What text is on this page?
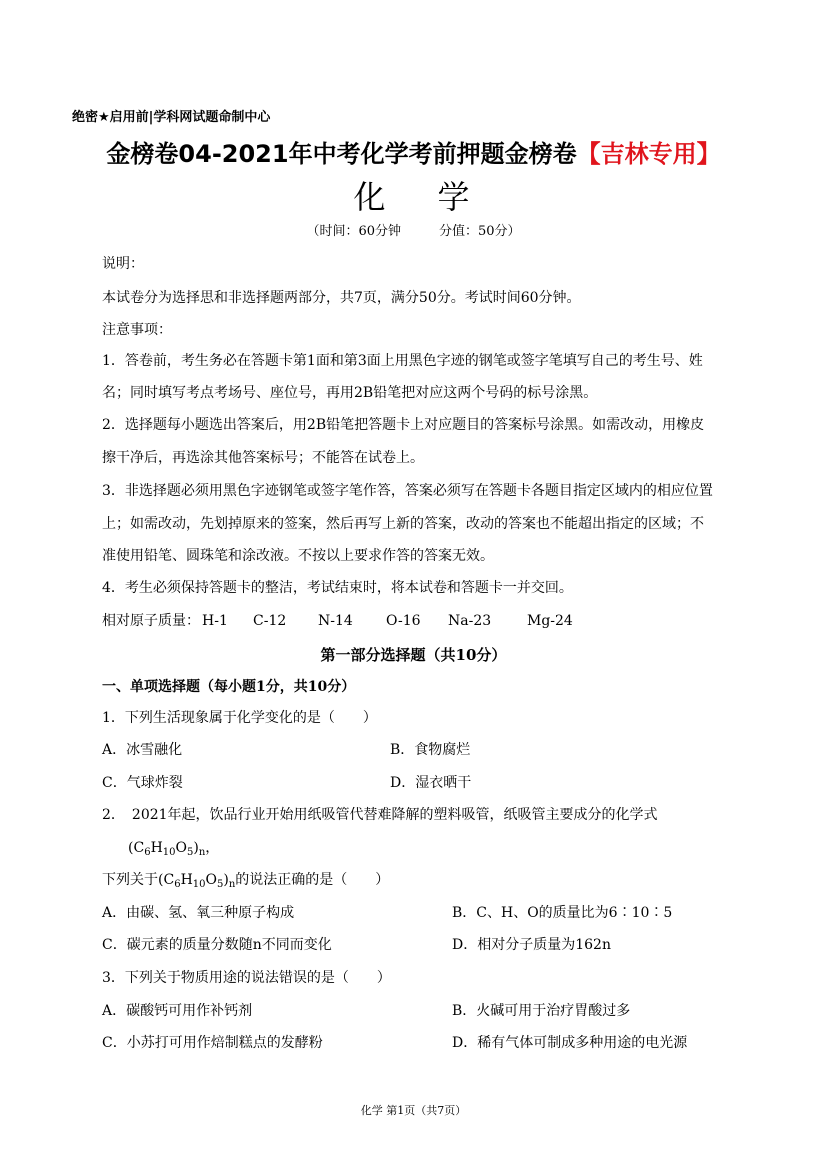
绝密★启用前|学科网试题命制中心
金榜卷04-2021年中考化学考前押题金榜卷【吉林专用】
化 学
（时间：60分钟	分值：50分）
说明：
本试卷分为选择思和非选择题两部分，共7页，满分50分。考试时间60分钟。
注意事项：
1．答卷前，考生务必在答题卡第1面和第3面上用黑色字迹的钢笔或签字笔填写自己的考生号、姓
名；同时填写考点考场号、座位号，再用2B铅笔把对应这两个号码的标号涂黑。
2．选择题每小题选出答案后，用2B铅笔把答题卡上对应题目的答案标号涂黑。如需改动，用橡皮
擦干净后，再选涂其他答案标号；不能答在试卷上。
3．非选择题必须用黑色字迹钢笔或签字笔作答，答案必须写在答题卡各题目指定区域内的相应位置
上；如需改动，先划掉原来的签案，然后再写上新的答案，改动的答案也不能超出指定的区域；不
准使用铅笔、圆珠笔和涂改液。不按以上要求作答的答案无效。
4．考生必须保持答题卡的整洁，考试结束时，将本试卷和答题卡一并交回。
相对原子质量： H-1 C-12 N-14 O-16 Na-23	Mg-24
第一部分选择题（共10分）
一、单项选择题（每小题1分，共10分）
1．下列生活现象属于化学变化的是（　　）
A．冰雪融化	B．食物腐烂
C．气球炸裂	D．湿衣晒干
2．　2021年起，饮品行业开始用纸吸管代替难降解的塑料吸管，纸吸管主要成分的化学式
$(C_6H_{10}O_5)_n$，
下列关于$(C_6H_{10}O_5)_n$的说法正确的是（　　）
A．由碳、氢、氧三种原子构成	B．C、H、O的质量比为6∶10∶5
C．碳元素的质量分数随n不同而变化	D．相对分子质量为162n
3．下列关于物质用途的说法错误的是（　　）
A．碳酸钙可用作补钙剂	B．火碱可用于治疗胃酸过多
C．小苏打可用作焙制糕点的发酵粉	D．稀有气体可制成多种用途的电光源
化学 第1页（共7页）
